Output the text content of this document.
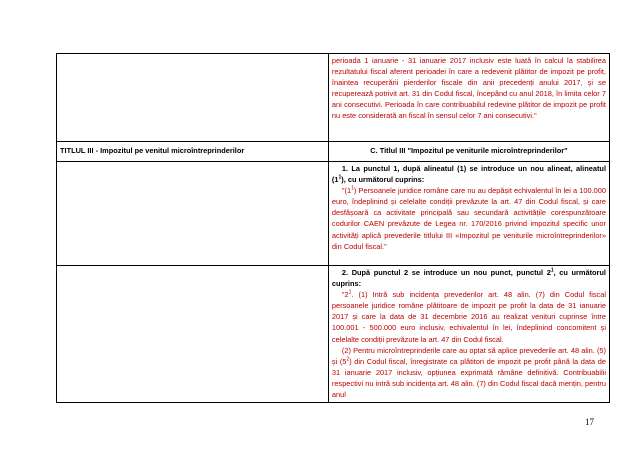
	perioada 1 ianuarie - 31 ianuarie 2017 inclusiv este luată în calcul la stabilirea rezultatului fiscal aferent perioadei în care a redevenit plătitor de impozit pe profit, înaintea recuperării pierderilor fiscale din anii precedenți anului 2017, și se recuperează potrivit art. 31 din Codul fiscal, începând cu anul 2018, în limita celor 7 ani consecutivi. Perioada în care contribuabilul redevine plătitor de impozit pe profit nu este considerată an fiscal în sensul celor 7 ani consecutivi."

TITLUL III - Impozitul pe venitul microîntreprinderilor	C. Titlul III "Impozitul pe veniturile microîntreprinderilor"

	1. La punctul 1, după alineatul (1) se introduce un nou alineat, alineatul $(1^1)$, cu următorul cuprins:

"$(1^1)$ Persoanele juridice române care nu au depășit echivalentul în lei a 100.000 euro, îndeplinind și celelalte condiții prevăzute la art. 47 din Codul fiscal, și care desfășoară ca activitate principală sau secundară activitățile corespunzătoare codurilor CAEN prevăzute de Legea nr. 170/2016 privind impozitul specific unor activități aplică prevederile titlului III «Impozitul pe veniturile microîntreprinderilor» din Codul fiscal."

	2. După punctul 2 se introduce un nou punct, punctul $2^1$, cu următorul cuprins:

"$2^1$. (1) Intră sub incidența prevederilor art. 48 alin. (7) din Codul fiscal persoanele juridice române plătitoare de impozit pe profit la data de 31 ianuarie 2017 și care la data de 31 decembrie 2016 au realizat venituri cuprinse între 100.001 - 500.000 euro inclusiv, echivalentul în lei, îndeplinind concomitent și celelalte condiții prevăzute la art. 47 din Codul fiscal.

(2) Pentru microîntreprinderile care au optat să aplice prevederile art. 48 alin. (5) și $(5^2)$ din Codul fiscal, înregistrate ca plătitori de impozit pe profit până la data de 31 ianuarie 2017 inclusiv, opțiunea exprimată rămâne definitivă. Contribuabilii respectivi nu intră sub incidența art. 48 alin. (7) din Codul fiscal dacă mențin, pentru anul

17
